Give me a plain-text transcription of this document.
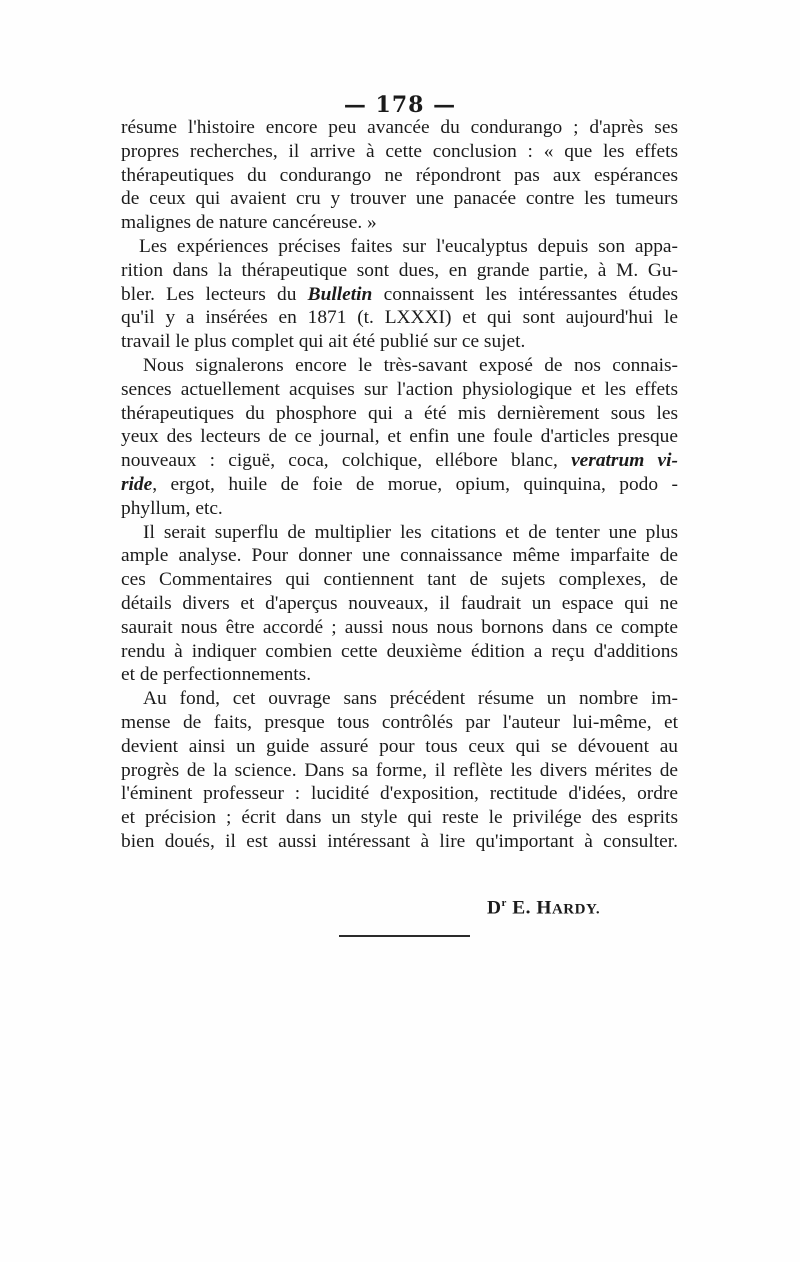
— 178 —
résume l'histoire encore peu avancée du condurango ; d'après ses
propres recherches, il arrive à cette conclusion : « que les effets
thérapeutiques du condurango ne répondront pas aux espérances
de ceux qui avaient cru y trouver une panacée contre les tumeurs
malignes de nature cancéreuse. »
Les expériences précises faites sur l'eucalyptus depuis son appa-
rition dans la thérapeutique sont dues, en grande partie, à M. Gu-
bler. Les lecteurs du Bulletin connaissent les intéressantes études
qu'il y a insérées en 1871 (t. LXXXI) et qui sont aujourd'hui le
travail le plus complet qui ait été publié sur ce sujet.
Nous signalerons encore le très-savant exposé de nos connais-
sences actuellement acquises sur l'action physiologique et les effets
thérapeutiques du phosphore qui a été mis dernièrement sous les
yeux des lecteurs de ce journal, et enfin une foule d'articles presque
nouveaux : ciguë, coca, colchique, ellébore blanc, veratrum vi-
ride, ergot, huile de foie de morue, opium, quinquina, podo -
phyllum, etc.
Il serait superflu de multiplier les citations et de tenter une plus
ample analyse. Pour donner une connaissance même imparfaite de
ces Commentaires qui contiennent tant de sujets complexes, de
détails divers et d'aperçus nouveaux, il faudrait un espace qui ne
saurait nous être accordé ; aussi nous nous bornons dans ce compte
rendu à indiquer combien cette deuxième édition a reçu d'additions
et de perfectionnements.
Au fond, cet ouvrage sans précédent résume un nombre im-
mense de faits, presque tous contrôlés par l'auteur lui-même, et
devient ainsi un guide assuré pour tous ceux qui se dévouent au
progrès de la science. Dans sa forme, il reflète les divers mérites de
l'éminent professeur : lucidité d'exposition, rectitude d'idées, ordre
et précision ; écrit dans un style qui reste le privilége des esprits
bien doués, il est aussi intéressant à lire qu'important à consulter.
$D^r$ E. HARDY.
